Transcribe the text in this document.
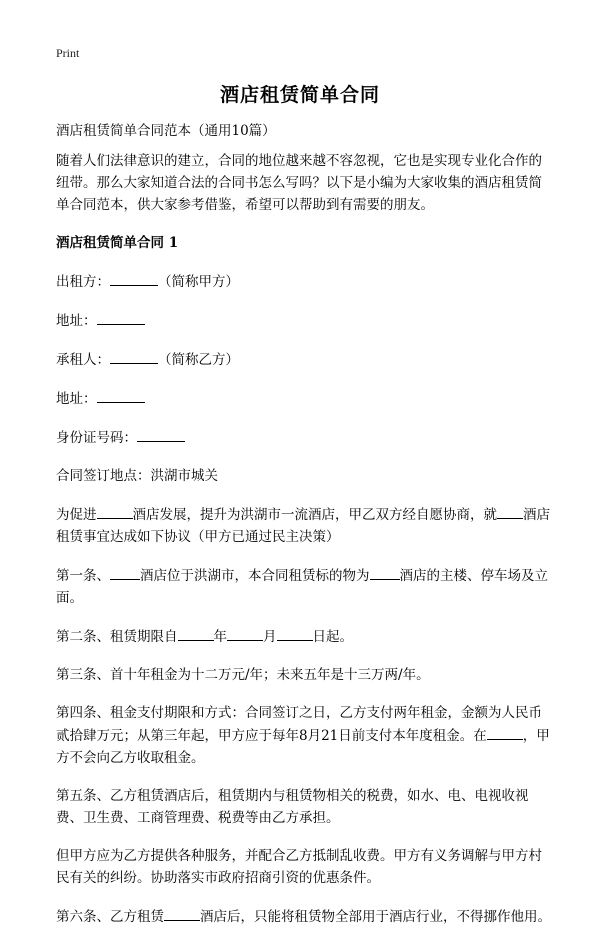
Print
酒店租赁简单合同

酒店租赁简单合同范本（通用10篇）

随着人们法律意识的建立，合同的地位越来越不容忽视，它也是实现专业化合作的纽带。那么大家知道合法的合同书怎么写吗？以下是小编为大家收集的酒店租赁简单合同范本，供大家参考借鉴，希望可以帮助到有需要的朋友。

酒店租赁简单合同 1

出租方：	（简称甲方）

地址：

承租人：	（简称乙方）

地址：

身份证号码：

合同签订地点：洪湖市城关

为促进	酒店发展，提升为洪湖市一流酒店，甲乙双方经自愿协商，就 酒店租赁事宜达成如下协议（甲方已通过民主决策）

第一条、 酒店位于洪湖市，本合同租赁标的物为 酒店的主楼、停车场及立面。

第二条、租赁期限自	年	月	日起。

第三条、首十年租金为十二万元/年；未来五年是十三万两/年。

第四条、租金支付期限和方式：合同签订之日，乙方支付两年租金，金额为人民币贰拾肆万元；从第三年起，甲方应于每年8月21日前支付本年度租金。在	，甲方不会向乙方收取租金。

第五条、乙方租赁酒店后，租赁期内与租赁物相关的税费，如水、电、电视收视费、卫生费、工商管理费、税费等由乙方承担。

但甲方应为乙方提供各种服务，并配合乙方抵制乱收费。甲方有义务调解与甲方村民有关的纠纷。协助落实市政府招商引资的优惠条件。

第六条、乙方租赁	酒店后，只能将租赁物全部用于酒店行业，不得挪作他用。
